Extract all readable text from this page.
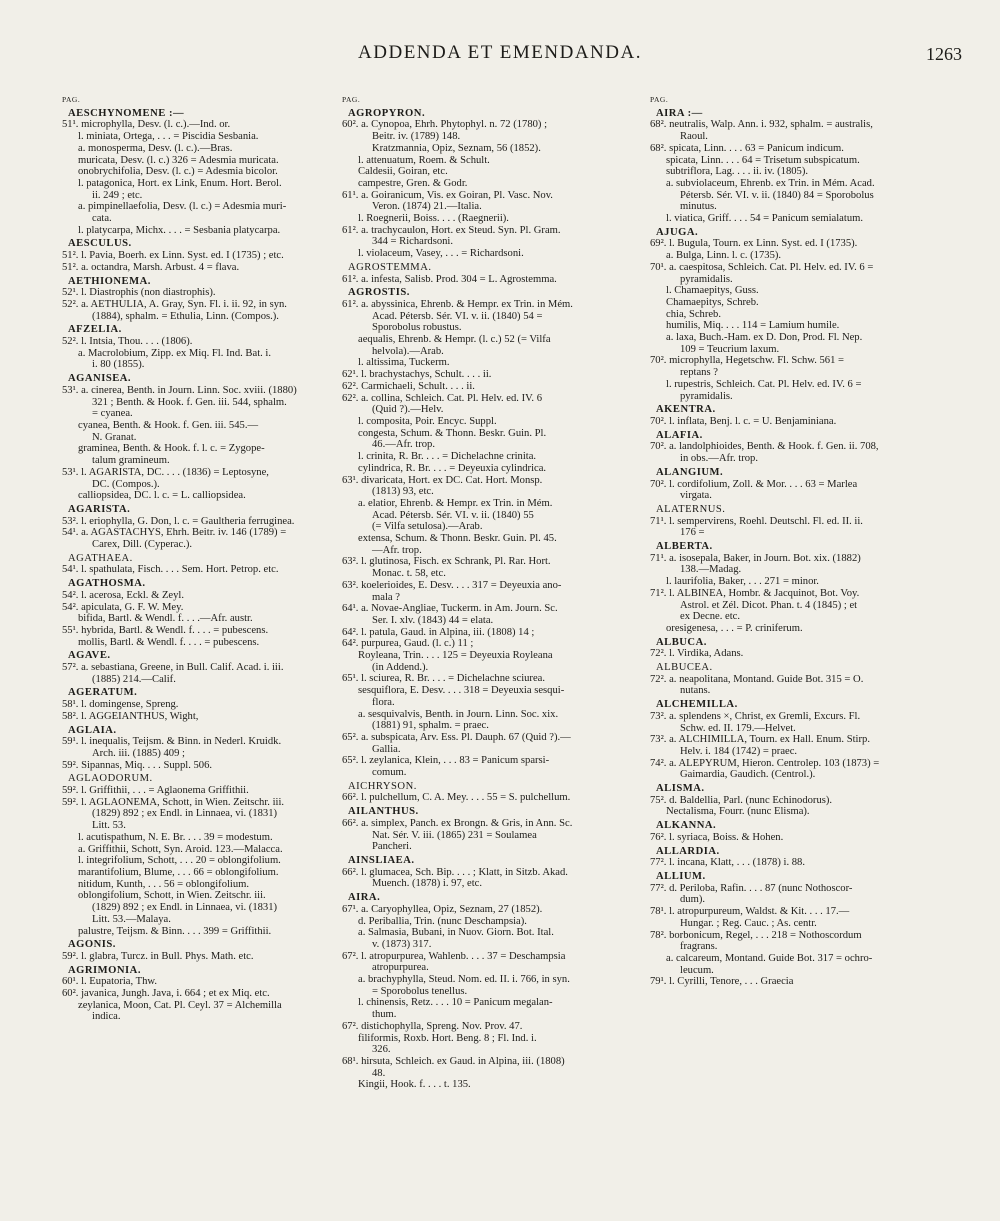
ADDENDA ET EMENDANDA.	1263
PAG.
AESCHYNOMENE :—
51¹. microphylla, Desv. (l. c.).—Ind. or.
l. miniata, Ortega, . . . = Piscidia Sesbania.
a. monosperma, Desv. (l. c.).—Bras.
muricata, Desv. (l. c.) 326 = Adesmia muricata.
onobrychifolia, Desv. (l. c.) = Adesmia bicolor.
l. patagonica, Hort. ex Link, Enum. Hort. Berol.
ii. 249 ; etc.
a. pimpinellaefolia, Desv. (l. c.) = Adesmia muri-
cata.
l. platycarpa, Michx. . . . = Sesbania platycarpa.
AESCULUS.
51². l. Pavia, Boerh. ex Linn. Syst. ed. I (1735) ; etc.
51². a. octandra, Marsh. Arbust. 4 = flava.
AETHIONEMA.
52¹. l. Diastrophis (non diastrophis).
52². a. AETHULIA, A. Gray, Syn. Fl. i. ii. 92, in syn.
(1884), sphalm. = Ethulia, Linn. (Compos.).
AFZELIA.
52². l. Intsia, Thou. . . . (1806).
a. Macrolobium, Zipp. ex Miq. Fl. Ind. Bat. i.
i. 80 (1855).
AGANISEA.
53¹. a. cinerea, Benth. in Journ. Linn. Soc. xviii. (1880)
321 ; Benth. & Hook. f. Gen. iii. 544, sphalm.
= cyanea.
cyanea, Benth. & Hook. f. Gen. iii. 545.—
N. Granat.
graminea, Benth. & Hook. f. l. c. = Zygope-
talum gramineum.
53¹. l. AGARISTA, DC. . . . (1836) = Leptosyne,
DC. (Compos.).
calliopsidea, DC. l. c. = L. calliopsidea.
AGARISTA.
53². l. eriophylla, G. Don, l. c. = Gaultheria ferruginea.
54¹. a. AGASTACHYS, Ehrh. Beitr. iv. 146 (1789) =
Carex, Dill. (Cyperac.).
AGATHAEA.
54¹. l. spathulata, Fisch. . . . Sem. Hort. Petrop. etc.
AGATHOSMA.
54². l. acerosa, Eckl. & Zeyl.
54². apiculata, G. F. W. Mey.
bifida, Bartl. & Wendl. f. . . .—Afr. austr.
55¹. hybrida, Bartl. & Wendl. f. . . . = pubescens.
mollis, Bartl. & Wendl. f. . . . = pubescens.
AGAVE.
57². a. sebastiana, Greene, in Bull. Calif. Acad. i. iii.
(1885) 214.—Calif.
AGERATUM.
58¹. l. domingense, Spreng.
58². l. AGGEIANTHUS, Wight,
AGLAIA.
59¹. l. inequalis, Teijsm. & Binn. in Nederl. Kruidk.
Arch. iii. (1885) 409 ;
59². Sipannas, Miq. . . . Suppl. 506.
AGLAODORUM.
59². l. Griffithii, . . . = Aglaonema Griffithii.
59². l. AGLAONEMA, Schott, in Wien. Zeitschr. iii.
(1829) 892 ; ex Endl. in Linnaea, vi. (1831)
Litt. 53.
l. acutispathum, N. E. Br. . . . 39 = modestum.
a. Griffithii, Schott, Syn. Aroid. 123.—Malacca.
l. integrifolium, Schott, . . . 20 = oblongifolium.
marantifolium, Blume, . . . 66 = oblongifolium.
nitidum, Kunth, . . . 56 = oblongifolium.
oblongifolium, Schott, in Wien. Zeitschr. iii.
(1829) 892 ; ex Endl. in Linnaea, vi. (1831)
Litt. 53.—Malaya.
palustre, Teijsm. & Binn. . . . 399 = Griffithii.
AGONIS.
59². l. glabra, Turcz. in Bull. Phys. Math. etc.
AGRIMONIA.
60¹. l. Eupatoria, Thw.
60². javanica, Jungh. Java, i. 664 ; et ex Miq. etc.
zeylanica, Moon, Cat. Pl. Ceyl. 37 = Alchemilla
indica.
PAG.
AGROPYRON.
60². a. Cynopoa, Ehrh. Phytophyl. n. 72 (1780) ;
Beitr. iv. (1789) 148.
Kratzmannia, Opiz, Seznam, 56 (1852).
l. attenuatum, Roem. & Schult.
Caldesii, Goiran, etc.
campestre, Gren. & Godr.
61¹. a. Goiranicum, Vis. ex Goiran, Pl. Vasc. Nov.
Veron. (1874) 21.—Italia.
l. Roegnerii, Boiss. . . . (Raegnerii).
61². a. trachycaulon, Hort. ex Steud. Syn. Pl. Gram.
344 = Richardsoni.
l. violaceum, Vasey, . . . = Richardsoni.
AGROSTEMMA.
61². a. infesta, Salisb. Prod. 304 = L. Agrostemma.
AGROSTIS.
61². a. abyssinica, Ehrenb. & Hempr. ex Trin. in Mém.
Acad. Pétersb. Sér. VI. v. ii. (1840) 54 =
Sporobolus robustus.
aequalis, Ehrenb. & Hempr. (l. c.) 52 (= Vilfa
helvola).—Arab.
l. altissima, Tuckerm.
62¹. l. brachystachys, Schult. . . . ii.
62². Carmichaeli, Schult. . . . ii.
62². a. collina, Schleich. Cat. Pl. Helv. ed. IV. 6
(Quid ?).—Helv.
l. composita, Poir. Encyc. Suppl.
congesta, Schum. & Thonn. Beskr. Guin. Pl.
46.—Afr. trop.
l. crinita, R. Br. . . . = Dichelachne crinita.
cylindrica, R. Br. . . . = Deyeuxia cylindrica.
63¹. divaricata, Hort. ex DC. Cat. Hort. Monsp.
(1813) 93, etc.
a. elatior, Ehrenb. & Hempr. ex Trin. in Mém.
Acad. Pétersb. Sér. VI. v. ii. (1840) 55
(= Vilfa setulosa).—Arab.
extensa, Schum. & Thonn. Beskr. Guin. Pl. 45.
—Afr. trop.
63². l. glutinosa, Fisch. ex Schrank, Pl. Rar. Hort.
Monac. t. 58, etc.
63². koelerioides, E. Desv. . . . 317 = Deyeuxia ano-
mala ?
64¹. a. Novae-Angliae, Tuckerm. in Am. Journ. Sc.
Ser. I. xlv. (1843) 44 = elata.
64². l. patula, Gaud. in Alpina, iii. (1808) 14 ;
64². purpurea, Gaud. (l. c.) 11 ;
Royleana, Trin. . . . 125 = Deyeuxia Royleana
(in Addend.).
65¹. l. sciurea, R. Br. . . . = Dichelachne sciurea.
sesquiflora, E. Desv. . . . 318 = Deyeuxia sesqui-
flora.
a. sesquivalvis, Benth. in Journ. Linn. Soc. xix.
(1881) 91, sphalm. = praec.
65². a. subspicata, Arv. Ess. Pl. Dauph. 67 (Quid ?).—
Gallia.
65². l. zeylanica, Klein, . . . 83 = Panicum sparsi-
comum.
AICHRYSON.
66². l. pulchellum, C. A. Mey. . . . 55 = S. pulchellum.
AILANTHUS.
66². a. simplex, Panch. ex Brongn. & Gris, in Ann. Sc.
Nat. Sér. V. iii. (1865) 231 = Soulamea
Pancheri.
AINSLIAEA.
66². l. glumacea, Sch. Bip. . . . ; Klatt, in Sitzb. Akad.
Muench. (1878) i. 97, etc.
AIRA.
67¹. a. Caryophyllea, Opiz, Seznam, 27 (1852).
d. Periballia, Trin. (nunc Deschampsia).
a. Salmasia, Bubani, in Nuov. Giorn. Bot. Ital.
v. (1873) 317.
67². l. atropurpurea, Wahlenb. . . . 37 = Deschampsia
atropurpurea.
a. brachyphylla, Steud. Nom. ed. II. i. 766, in syn.
= Sporobolus tenellus.
l. chinensis, Retz. . . . 10 = Panicum megalan-
thum.
67². distichophylla, Spreng. Nov. Prov. 47.
filiformis, Roxb. Hort. Beng. 8 ; Fl. Ind. i.
326.
68¹. hirsuta, Schleich. ex Gaud. in Alpina, iii. (1808)
48.
Kingii, Hook. f. . . . t. 135.
PAG.
AIRA :—
68². neutralis, Walp. Ann. i. 932, sphalm. = australis,
Raoul.
68². spicata, Linn. . . . 63 = Panicum indicum.
spicata, Linn. . . . 64 = Trisetum subspicatum.
subtriflora, Lag. . . . ii. iv. (1805).
a. subviolaceum, Ehrenb. ex Trin. in Mém. Acad.
Pétersb. Sér. VI. v. ii. (1840) 84 = Sporobolus
minutus.
l. viatica, Griff. . . . 54 = Panicum semialatum.
AJUGA.
69². l. Bugula, Tourn. ex Linn. Syst. ed. I (1735).
a. Bulga, Linn. l. c. (1735).
70¹. a. caespitosa, Schleich. Cat. Pl. Helv. ed. IV. 6 =
pyramidalis.
l. Chamaepitys, Guss.
Chamaepitys, Schreb.
chia, Schreb.
humilis, Miq. . . . 114 = Lamium humile.
a. laxa, Buch.-Ham. ex D. Don, Prod. Fl. Nep.
109 = Teucrium laxum.
70². microphylla, Hegetschw. Fl. Schw. 561 =
reptans ?
l. rupestris, Schleich. Cat. Pl. Helv. ed. IV. 6 =
pyramidalis.
AKENTRA.
70². l. inflata, Benj. l. c. = U. Benjaminiana.
ALAFIA.
70². a. landolphioides, Benth. & Hook. f. Gen. ii. 708,
in obs.—Afr. trop.
ALANGIUM.
70². l. cordifolium, Zoll. & Mor. . . . 63 = Marlea
virgata.
ALATERNUS.
71¹. l. sempervirens, Roehl. Deutschl. Fl. ed. II. ii.
176 =
ALBERTA.
71¹. a. isosepala, Baker, in Journ. Bot. xix. (1882)
138.—Madag.
l. laurifolia, Baker, . . . 271 = minor.
71². l. ALBINEA, Hombr. & Jacquinot, Bot. Voy.
Astrol. et Zél. Dicot. Phan. t. 4 (1845) ; et
ex Decne. etc.
oresigenesa, . . . = P. criniferum.
ALBUCA.
72². l. Virdika, Adans.
ALBUCEA.
72². a. neapolitana, Montand. Guide Bot. 315 = O.
nutans.
ALCHEMILLA.
73². a. splendens ×, Christ, ex Gremli, Excurs. Fl.
Schw. ed. II. 179.—Helvet.
73². a. ALCHIMILLA, Tourn. ex Hall. Enum. Stirp.
Helv. i. 184 (1742) = praec.
74². a. ALEPYRUM, Hieron. Centrolep. 103 (1873) =
Gaimardia, Gaudich. (Centrol.).
ALISMA.
75². d. Baldellia, Parl. (nunc Echinodorus).
Nectalisma, Fourr. (nunc Elisma).
ALKANNA.
76². l. syriaca, Boiss. & Hohen.
ALLARDIA.
77². l. incana, Klatt, . . . (1878) i. 88.
ALLIUM.
77². d. Periloba, Rafin. . . . 87 (nunc Nothoscor-
dum).
78¹. l. atropurpureum, Waldst. & Kit. . . . 17.—
Hungar. ; Reg. Cauc. ; As. centr.
78². borbonicum, Regel, . . . 218 = Nothoscordum
fragrans.
a. calcareum, Montand. Guide Bot. 317 = ochro-
leucum.
79¹. l. Cyrilli, Tenore, . . . Graecia
